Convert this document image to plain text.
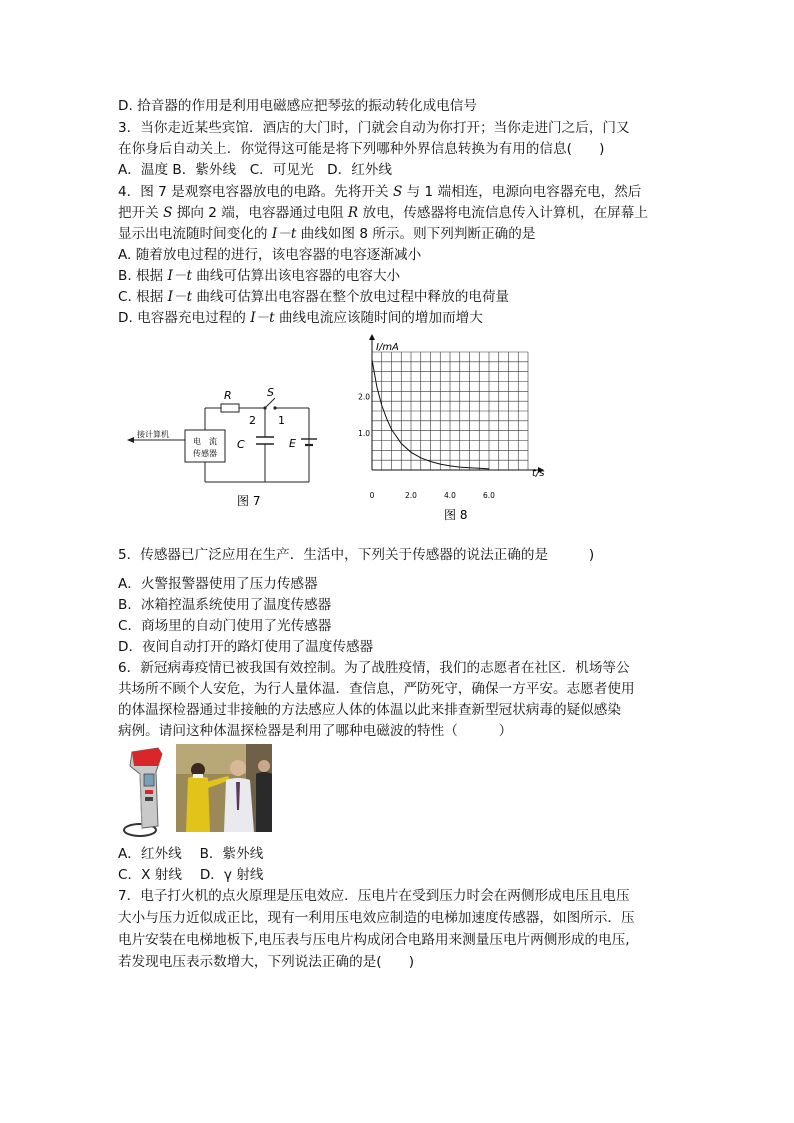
D. 拾音器的作用是利用电磁感应把琴弦的振动转化成电信号
3．当你走近某些宾馆．酒店的大门时，门就会自动为你打开；当你走进门之后，门又
在你身后自动关上．你觉得这可能是将下列哪种外界信息转换为有用的信息(　　)
A．温度 B．紫外线　C．可见光　D．红外线
4．图 7 是观察电容器放电的电路。先将开关 S 与 1 端相连，电源向电容器充电，然后
把开关 S 掷向 2 端，电容器通过电阻 R 放电，传感器将电流信息传入计算机，在屏幕上
显示出电流随时间变化的 I－t 曲线如图 8 所示。则下列判断正确的是
A. 随着放电过程的进行，该电容器的电容逐渐减小
B. 根据 I－t 曲线可估算出该电容器的电容大小
C. 根据 I－t 曲线可估算出电容器在整个放电过程中释放的电荷量
D. 电容器充电过程的 I－t 曲线电流应该随时间的增加而增大
电　流
传感器
接计算机
R	S
2 1
C	E
图 7
2.0
1.0
0	2.0	4.0	6.0
I/mA
t/s
图 8
5．传感器已广泛应用在生产．生活中，下列关于传感器的说法正确的是　　　)
A．火警报警器使用了压力传感器
B．冰箱控温系统使用了温度传感器
C．商场里的自动门使用了光传感器
D．夜间自动打开的路灯使用了温度传感器
6．新冠病毒疫情已被我国有效控制。为了战胜疫情，我们的志愿者在社区．机场等公
共场所不顾个人安危，为行人量体温．查信息，严防死守，确保一方平安。志愿者使用
的体温探检器通过非接触的方法感应人体的体温以此来排查新型冠状病毒的疑似感染
病例。请问这种体温探检器是利用了哪种电磁波的特性（　　　）
A．红外线　 B．紫外线
C．X 射线　 D．γ 射线
7．电子打火机的点火原理是压电效应．压电片在受到压力时会在两侧形成电压且电压
大小与压力近似成正比，现有一利用压电效应制造的电梯加速度传感器，如图所示．压
电片安装在电梯地板下,电压表与压电片构成闭合电路用来测量压电片两侧形成的电压,
若发现电压表示数增大，下列说法正确的是(　　)
